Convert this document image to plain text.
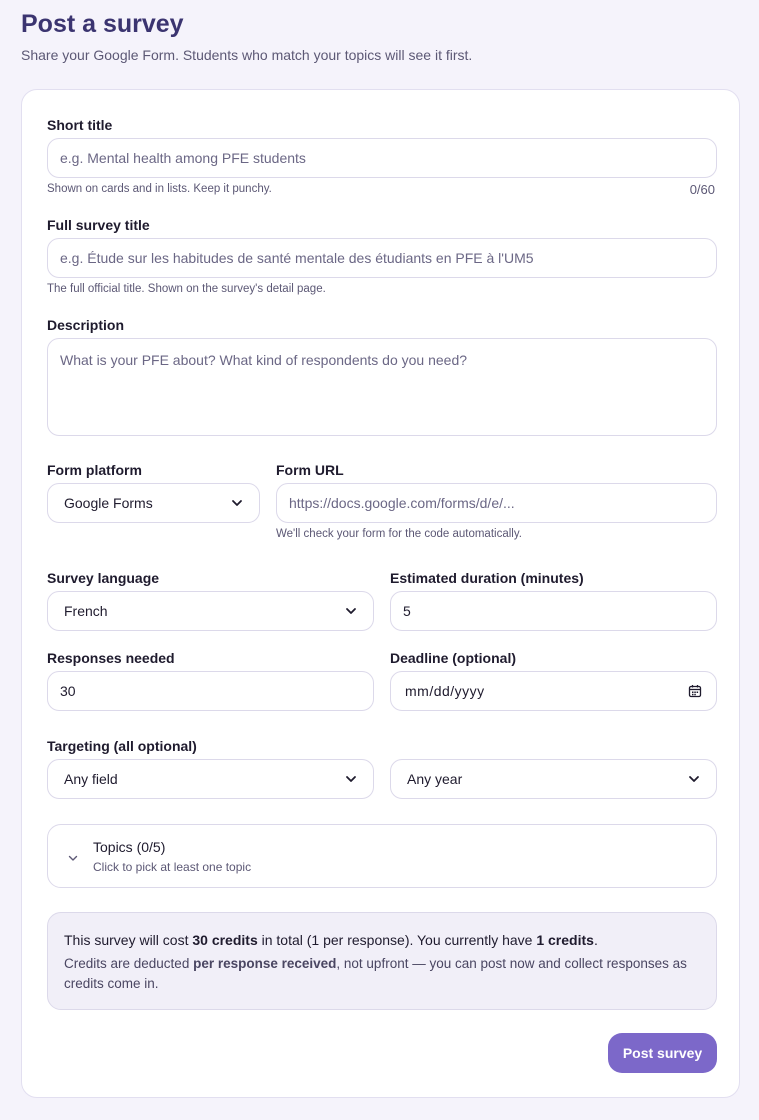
Post a survey
Share your Google Form. Students who match your topics will see it first.
Short title
e.g. Mental health among PFE students
Shown on cards and in lists. Keep it punchy.	0/60
Full survey title
e.g. Étude sur les habitudes de santé mentale des étudiants en PFE à l'UM5
The full official title. Shown on the survey's detail page.
Description
What is your PFE about? What kind of respondents do you need?
Form platform
Google Forms
Form URL
https://docs.google.com/forms/d/e/...
We'll check your form for the code automatically.
Survey language
French
Estimated duration (minutes)
5
Responses needed
30
Deadline (optional)
mm/dd/yyyy
Targeting (all optional)
Any field	Any year
Topics (0/5)
Click to pick at least one topic
This survey will cost 30 credits in total (1 per response). You currently have 1 credits.
Credits are deducted per response received, not upfront — you can post now and collect responses as credits come in.
Post survey
